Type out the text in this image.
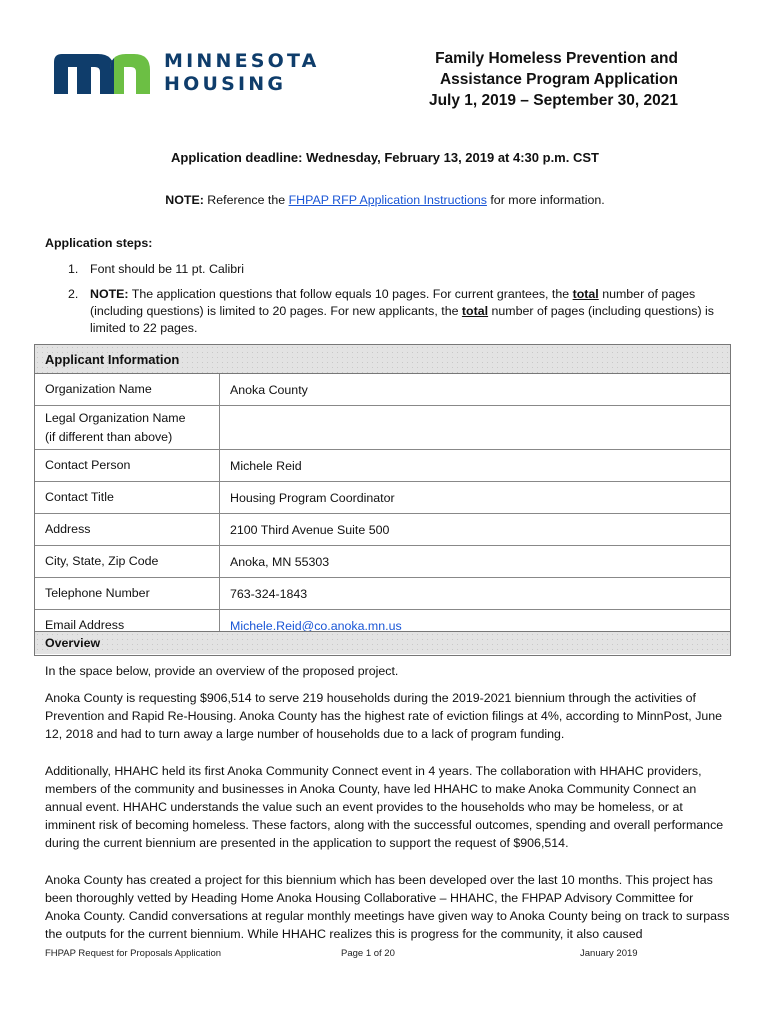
MINNESOTA
HOUSING
Family Homeless Prevention and
Assistance Program Application
July 1, 2019 – September 30, 2021
Application deadline: Wednesday, February 13, 2019 at 4:30 p.m. CST
NOTE: Reference the FHPAP RFP Application Instructions for more information.
Application steps:
1. Font should be 11 pt. Calibri
2. NOTE: The application questions that follow equals 10 pages. For current grantees, the total number of pages (including questions) is limited to 20 pages. For new applicants, the total number of pages (including questions) is limited to 22 pages.
Applicant Information
Organization Name	Anoka County
Legal Organization Name
(if different than above)
Contact Person	Michele Reid
Contact Title	Housing Program Coordinator
Address	2100 Third Avenue Suite 500
City, State, Zip Code	Anoka, MN 55303
Telephone Number	763-324-1843
Email Address	Michele.Reid@co.anoka.mn.us
Overview

In the space below, provide an overview of the proposed project.

Anoka County is requesting $906,514 to serve 219 households during the 2019-2021 biennium through the activities of Prevention and Rapid Re-Housing. Anoka County has the highest rate of eviction filings at 4%, according to MinnPost, June 12, 2018 and had to turn away a large number of households due to a lack of program funding.

Additionally, HHAHC held its first Anoka Community Connect event in 4 years. The collaboration with HHAHC providers, members of the community and businesses in Anoka County, have led HHAHC to make Anoka Community Connect an annual event. HHAHC understands the value such an event provides to the households who may be homeless, or at imminent risk of becoming homeless. These factors, along with the successful outcomes, spending and overall performance during the current biennium are presented in the application to support the request of $906,514.

Anoka County has created a project for this biennium which has been developed over the last 10 months. This project has been thoroughly vetted by Heading Home Anoka Housing Collaborative – HHAHC, the FHPAP Advisory Committee for Anoka County. Candid conversations at regular monthly meetings have given way to Anoka County being on track to surpass the outputs for the current biennium. While HHAHC realizes this is progress for the community, it also caused

FHPAP Request for Proposals Application	Page 1 of 20	January 2019
